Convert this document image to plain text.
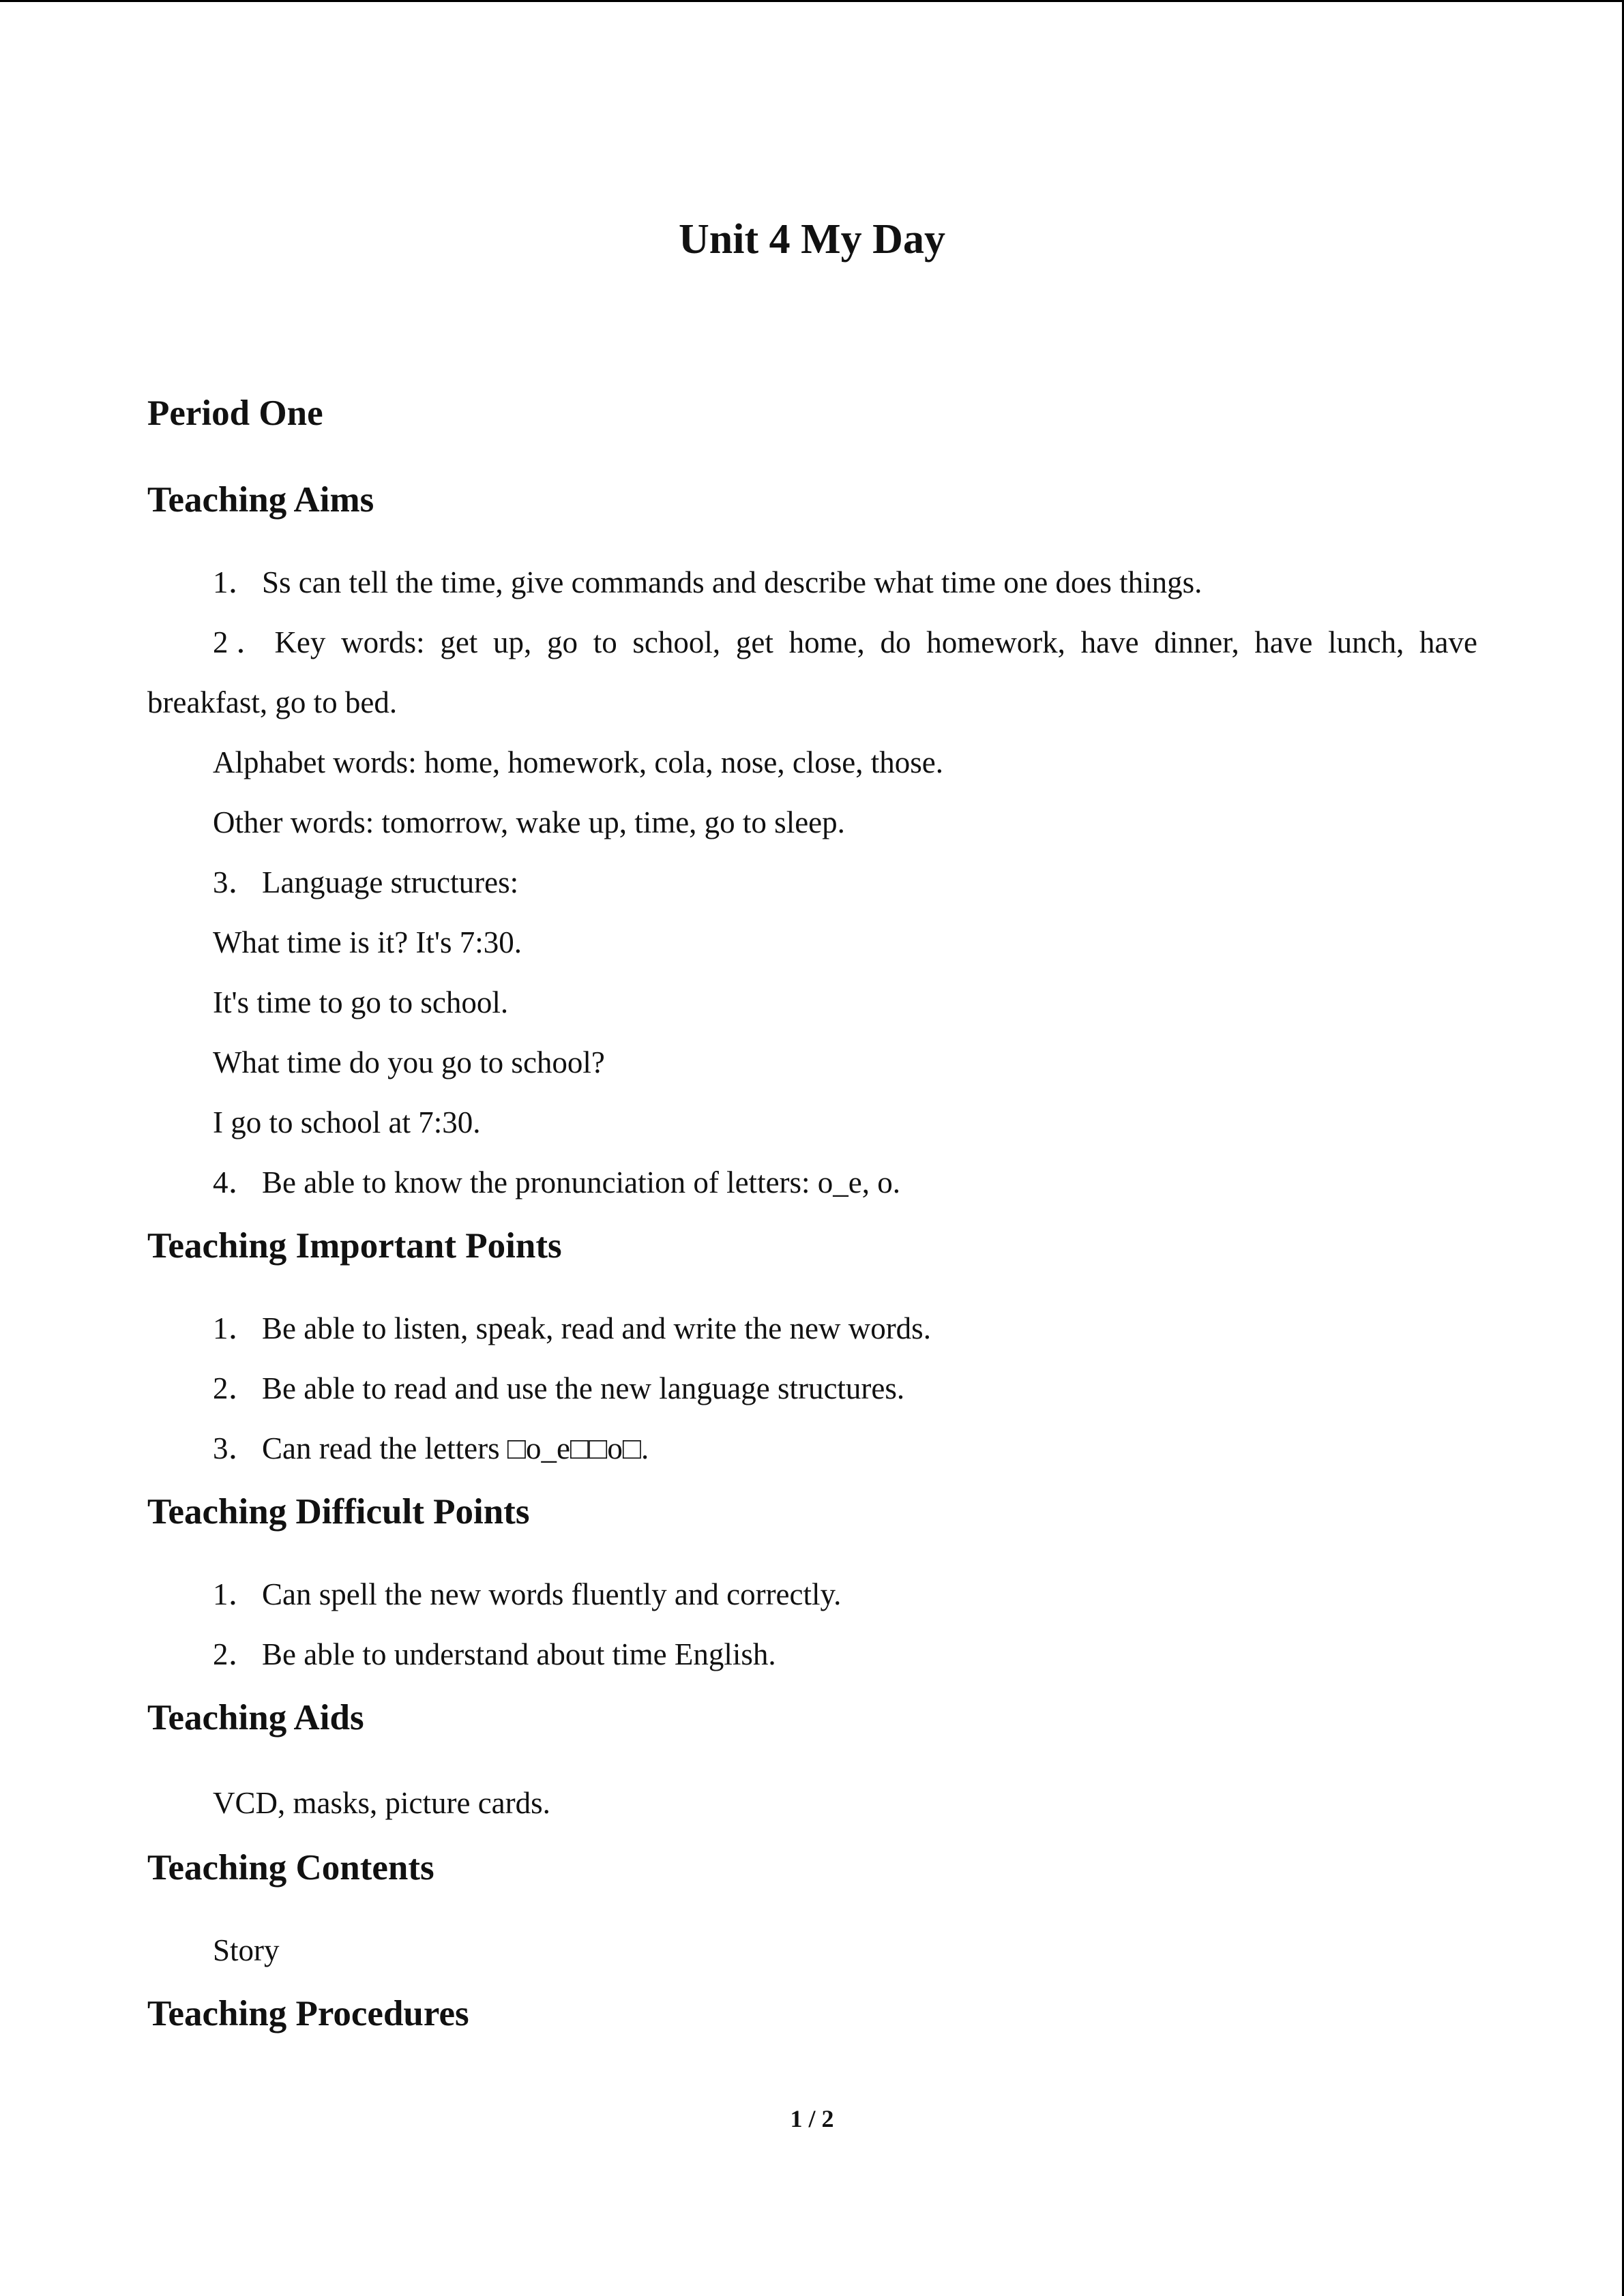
Unit 4 My Day
Period One
Teaching Aims
1．Ss can tell the time, give commands and describe what time one does things.
2．Key words: get up, go to school, get home, do homework, have dinner, have lunch, have
breakfast, go to bed.
Alphabet words: home, homework, cola, nose, close, those.
Other words: tomorrow, wake up, time, go to sleep.
3．Language structures:
What time is it? It's 7:30.
It's time to go to school.
What time do you go to school?
I go to school at 7:30.
4．Be able to know the pronunciation of letters: o_e, o.
Teaching Important Points
1．Be able to listen, speak, read and write the new words.
2．Be able to read and use the new language structures.
3．Can read the letters □o_e□□o□.
Teaching Difficult Points
1．Can spell the new words fluently and correctly.
2．Be able to understand about time English.
Teaching Aids
VCD, masks, picture cards.
Teaching Contents
Story
Teaching Procedures
1 / 2
